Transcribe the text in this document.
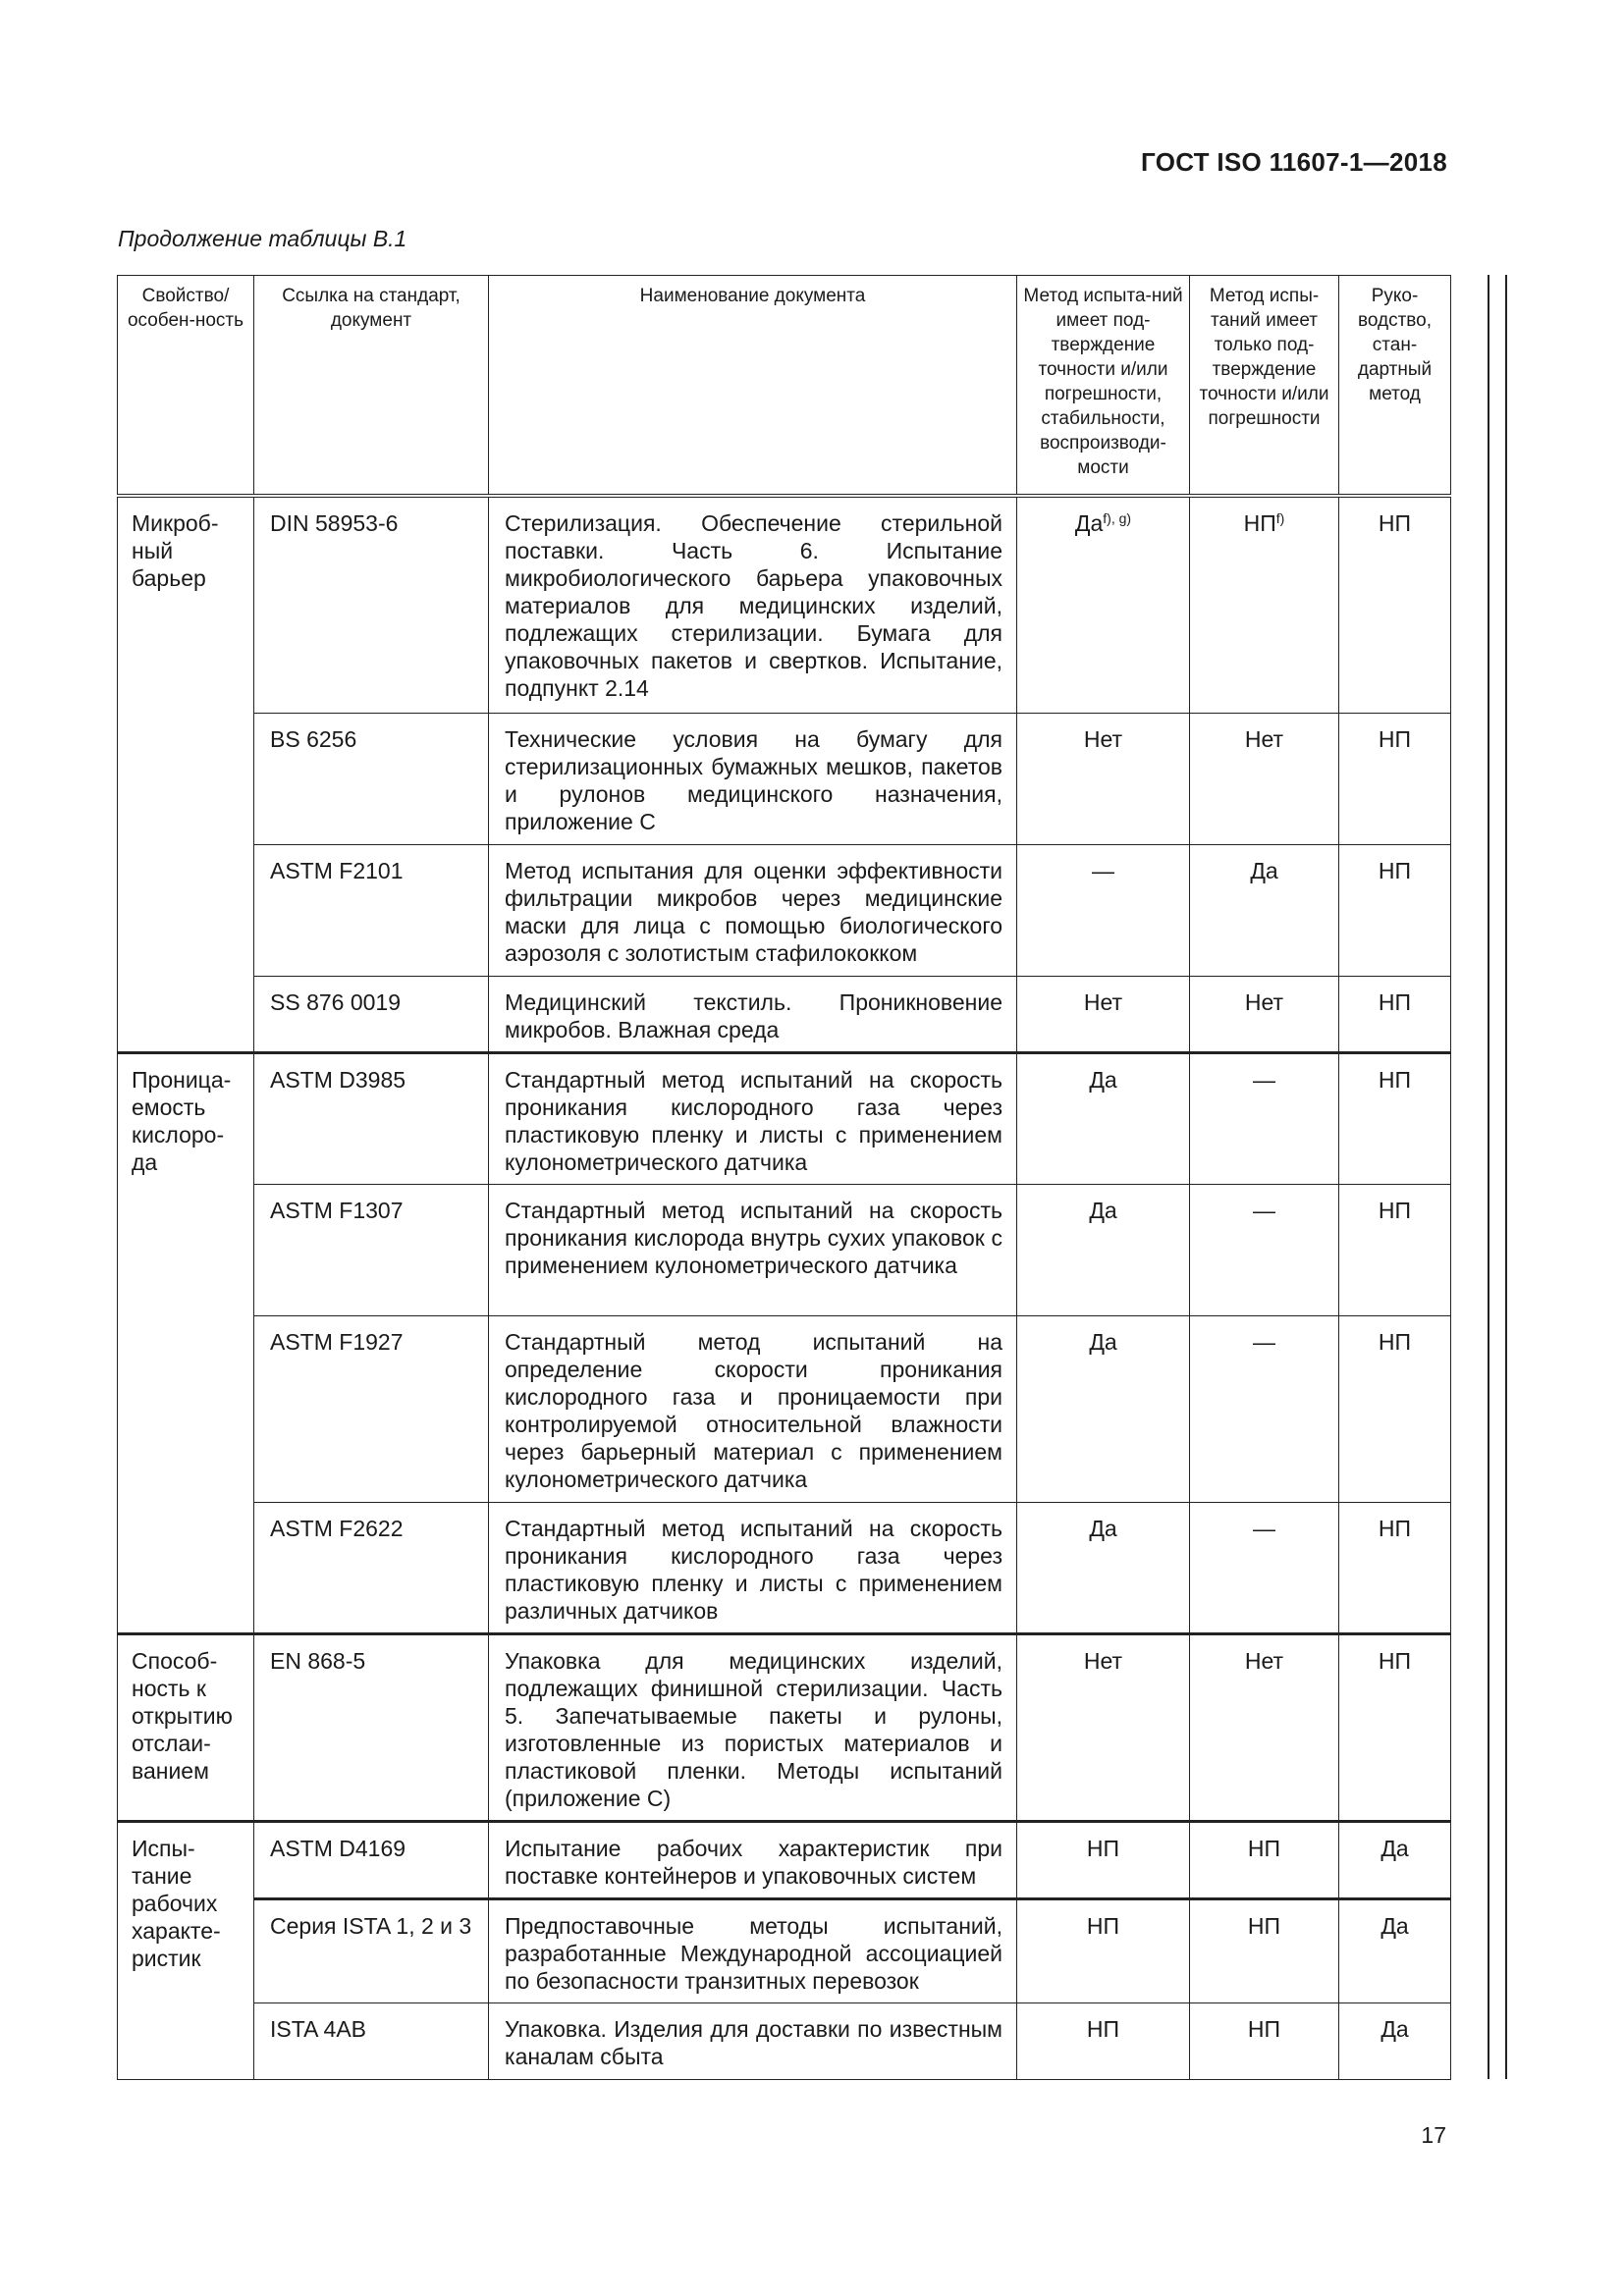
ГОСТ ISO 11607-1—2018
Продолжение таблицы В.1
Свойство/ особен-ность	Ссылка на стандарт, документ	Наименование документа	Метод испыта-ний имеет под-тверждение точности и/или погрешности, стабильности, воспроизводи-мости	Метод испы-таний имеет только под-тверждение точности и/или погрешности	Руко-водство, стан-дартный метод
Микроб-ный барьер	DIN 58953-6	Стерилизация. Обеспечение стерильной поставки. Часть 6. Испытание микробиологического барьера упаковочных материалов для медицинских изделий, подлежащих стерилизации. Бумага для упаковочных пакетов и свертков. Испытание, подпункт 2.14	$Да^{f), g)}$	НП$^{f)}$	НП
	BS 6256	Технические условия на бумагу для стерилизационных бумажных мешков, пакетов и рулонов медицинского назначения, приложение С	Нет	Нет	НП
	ASTM F2101	Метод испытания для оценки эффективности фильтрации микробов через медицинские маски для лица с помощью биологического аэрозоля с золотистым стафилококком	—	Да	НП
	SS 876 0019	Медицинский текстиль. Проникновение микробов. Влажная среда	Нет	Нет	НП
Проница-емость кислоро-да	ASTM D3985	Стандартный метод испытаний на скорость проникания кислородного газа через пластиковую пленку и листы с применением кулонометрического датчика	Да	—	НП
	ASTM F1307	Стандартный метод испытаний на скорость проникания кислорода внутрь сухих упаковок с применением кулонометрического датчика	Да	—	НП
	ASTM F1927	Стандартный метод испытаний на определение скорости проникания кислородного газа и проницаемости при контролируемой относительной влажности через барьерный материал с применением кулонометрического датчика	Да	—	НП
	ASTM F2622	Стандартный метод испытаний на скорость проникания кислородного газа через пластиковую пленку и листы с применением различных датчиков	Да	—	НП
Способ-ность к открытию отслаи-ванием	EN 868-5	Упаковка для медицинских изделий, подлежащих финишной стерилизации. Часть 5. Запечатываемые пакеты и рулоны, изготовленные из пористых материалов и пластиковой пленки. Методы испытаний (приложение С)	Нет	Нет	НП
Испы-тание рабочих характе-ристик	ASTM D4169	Испытание рабочих характеристик при поставке контейнеров и упаковочных систем	НП	НП	Да
	Серия ISTA 1, 2 и 3	Предпоставочные методы испытаний, разработанные Международной ассоциацией по безопасности транзитных перевозок	НП	НП	Да
	ISTA 4AB	Упаковка. Изделия для доставки по известным каналам сбыта	НП	НП	Да
17
